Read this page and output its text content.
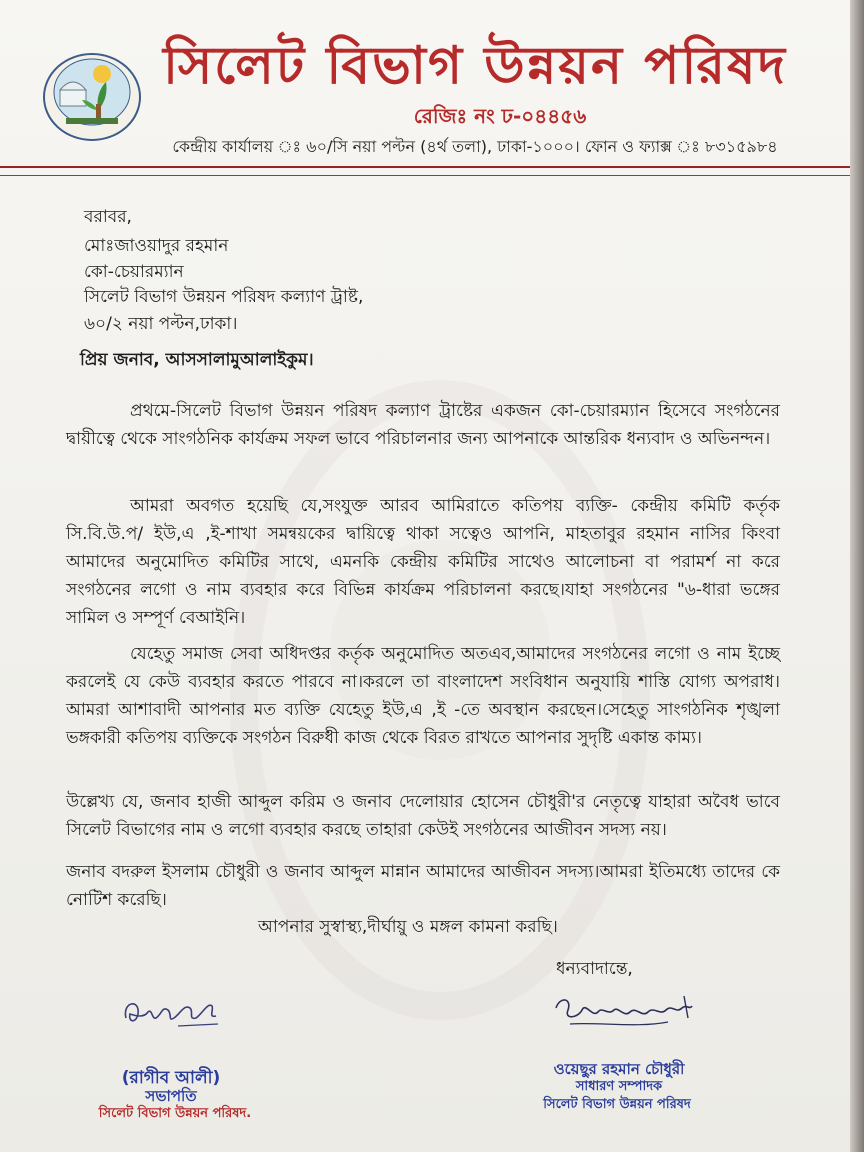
সিলেট বিভাগ উন্নয়ন পরিষদ
রেজিঃ নং ঢ-০৪৪৫৬
কেন্দ্রীয় কার্যালয় ঃ ৬০/সি নয়া পল্টন (৪র্থ তলা), ঢাকা-১০০০। ফোন ও ফ্যাক্স ঃ ৮৩১৫৯৮৪
বরাবর,
মোঃজাওয়াদুর রহমান
কো-চেয়ারম্যান
সিলেট বিভাগ উন্নয়ন পরিষদ কল্যাণ ট্রাষ্ট,
৬০/২ নয়া পল্টন,ঢাকা।
প্রিয় জনাব, আসসালামুআলাইকুম।
প্রথমে-সিলেট বিভাগ উন্নয়ন পরিষদ কল্যাণ ট্রাষ্টের একজন কো-চেয়ারম্যান হিসেবে সংগঠনের দ্বায়ীত্বে থেকে সাংগঠনিক কার্যক্রম সফল ভাবে পরিচালনার জন্য আপনাকে আন্তরিক ধন্যবাদ ও অভিনন্দন।
আমরা অবগত হয়েছি যে,সংযুক্ত আরব আমিরাতে কতিপয় ব্যক্তি- কেন্দ্রীয় কমিটি কর্তৃক সি.বি.উ.প/ ইউ,এ ,ই-শাখা সমন্বয়কের দ্বায়িত্বে থাকা সত্বেও আপনি, মাহতাবুর রহমান নাসির কিংবা আমাদের অনুমোদিত কমিটির সাথে, এমনকি কেন্দ্রীয় কমিটির সাথেও আলোচনা বা পরামর্শ না করে সংগঠনের লগো ও নাম ব্যবহার করে বিভিন্ন কার্যক্রম পরিচালনা করছে।যাহা সংগঠনের "৬-ধারা ভঙ্গের সামিল ও সম্পূর্ণ বেআইনি।
যেহেতু সমাজ সেবা অধিদপ্তর কর্তৃক অনুমোদিত অতএব,আমাদের সংগঠনের লগো ও নাম ইচ্ছে করলেই যে কেউ ব্যবহার করতে পারবে না।করলে তা বাংলাদেশ সংবিধান অনুযায়ি শাস্তি যোগ্য অপরাধ।আমরা আশাবাদী আপনার মত ব্যক্তি যেহেতু ইউ,এ ,ই -তে অবস্থান করছেন।সেহেতু সাংগঠনিক শৃঙ্খলা ভঙ্গকারী কতিপয় ব্যক্তিকে সংগঠন বিরুধী কাজ থেকে বিরত রাখতে আপনার সুদৃষ্টি একান্ত কাম্য।
উল্লেখ্য যে, জনাব হাজী আব্দুল করিম ও জনাব দেলোয়ার হোসেন চৌধুরী'র নেতৃত্বে যাহারা অবৈধ ভাবে সিলেট বিভাগের নাম ও লগো ব্যবহার করছে তাহারা কেউই সংগঠনের আজীবন সদস্য নয়।
জনাব বদরুল ইসলাম চৌধুরী ও জনাব আব্দুল মান্নান আমাদের আজীবন সদস্য।আমরা ইতিমধ্যে তাদের কে নোটিশ করেছি।
আপনার সুস্বাস্থ্য,দীর্ঘায়ু ও মঙ্গল কামনা করছি।
ধন্যবাদান্তে,
(রাগীব আলী)
সভাপতি
সিলেট বিভাগ উন্নয়ন পরিষদ.
ওয়েছুর রহমান চৌধুরী
সাধারণ সম্পাদক
সিলেট বিভাগ উন্নয়ন পরিষদ
